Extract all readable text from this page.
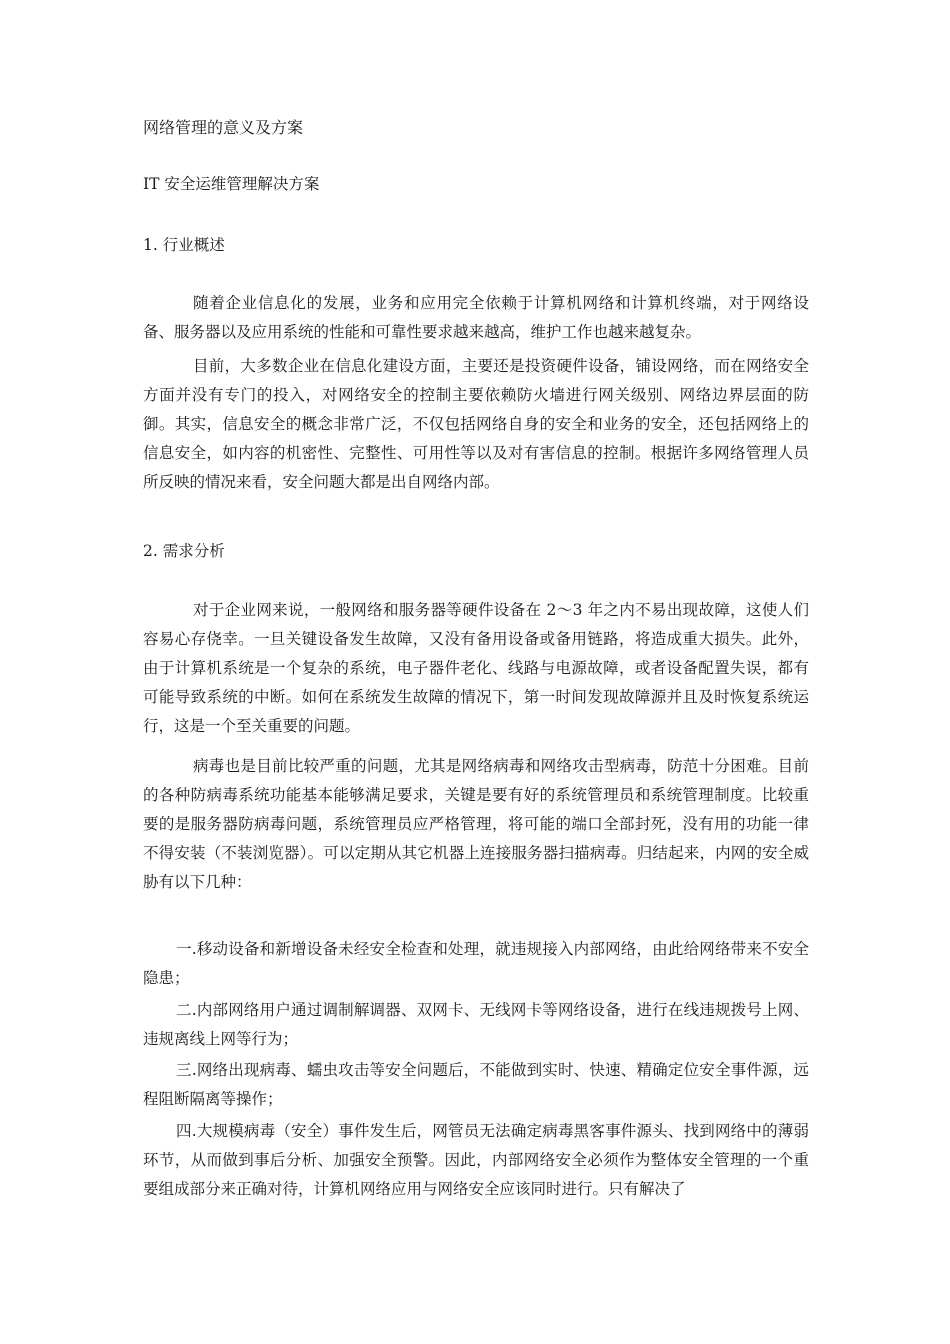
网络管理的意义及方案
IT 安全运维管理解决方案
1. 行业概述

随着企业信息化的发展，业务和应用完全依赖于计算机网络和计算机终端，对于网络设备、服务器以及应用系统的性能和可靠性要求越来越高，维护工作也越来越复杂。

目前，大多数企业在信息化建设方面，主要还是投资硬件设备，铺设网络，而在网络安全方面并没有专门的投入，对网络安全的控制主要依赖防火墙进行网关级别、网络边界层面的防御。其实，信息安全的概念非常广泛，不仅包括网络自身的安全和业务的安全，还包括网络上的信息安全，如内容的机密性、完整性、可用性等以及对有害信息的控制。根据许多网络管理人员所反映的情况来看，安全问题大都是出自网络内部。

2. 需求分析

对于企业网来说，一般网络和服务器等硬件设备在 2～3 年之内不易出现故障，这使人们容易心存侥幸。一旦关键设备发生故障，又没有备用设备或备用链路，将造成重大损失。此外，由于计算机系统是一个复杂的系统，电子器件老化、线路与电源故障，或者设备配置失误，都有可能导致系统的中断。如何在系统发生故障的情况下，第一时间发现故障源并且及时恢复系统运行，这是一个至关重要的问题。

病毒也是目前比较严重的问题，尤其是网络病毒和网络攻击型病毒，防范十分困难。目前的各种防病毒系统功能基本能够满足要求，关键是要有好的系统管理员和系统管理制度。比较重要的是服务器防病毒问题，系统管理员应严格管理，将可能的端口全部封死，没有用的功能一律不得安装（不装浏览器）。可以定期从其它机器上连接服务器扫描病毒。归结起来，内网的安全威胁有以下几种：

一.移动设备和新增设备未经安全检查和处理，就违规接入内部网络，由此给网络带来不安全隐患；

二.内部网络用户通过调制解调器、双网卡、无线网卡等网络设备，进行在线违规拨号上网、违规离线上网等行为；

三.网络出现病毒、蠕虫攻击等安全问题后，不能做到实时、快速、精确定位安全事件源，远程阻断隔离等操作；

四.大规模病毒（安全）事件发生后，网管员无法确定病毒黑客事件源头、找到网络中的薄弱环节，从而做到事后分析、加强安全预警。因此，内部网络安全必须作为整体安全管理的一个重要组成部分来正确对待，计算机网络应用与网络安全应该同时进行。只有解决了
